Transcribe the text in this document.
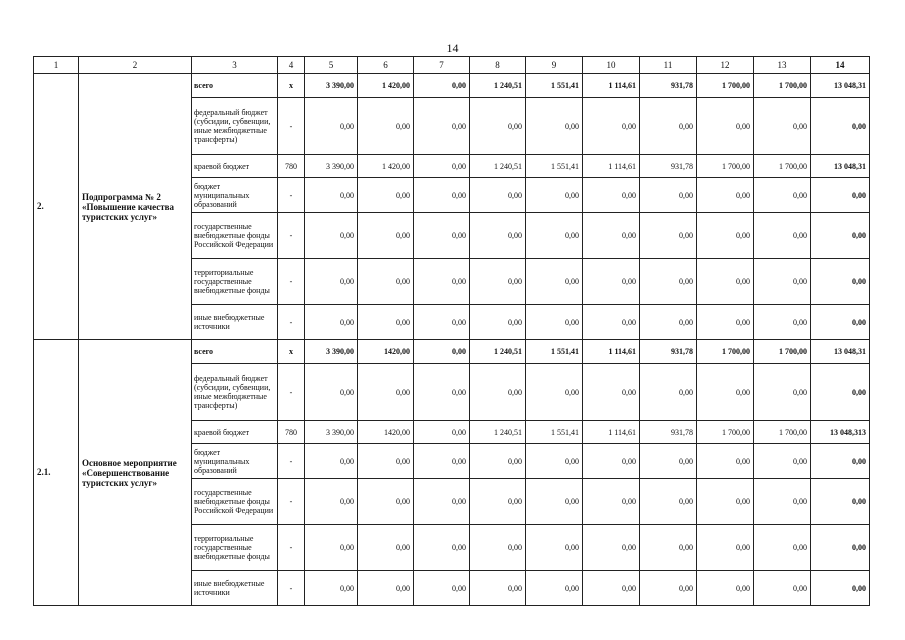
14
1	2	3	4	5	6	7	8	9	10	11	12	13	14
2.	Подпрограмма № 2 «Повышение качества туристских услуг»	всего	х	3 390,00	1 420,00	0,00	1 240,51	1 551,41	1 114,61	931,78	1 700,00	1 700,00	13 048,31
		федеральный бюджет (субсидии, субвенции, иные межбюджетные трансферты)	-	0,00	0,00	0,00	0,00	0,00	0,00	0,00	0,00	0,00	0,00
		краевой бюджет	780	3 390,00	1 420,00	0,00	1 240,51	1 551,41	1 114,61	931,78	1 700,00	1 700,00	13 048,31
		бюджет муниципальных образований	-	0,00	0,00	0,00	0,00	0,00	0,00	0,00	0,00	0,00	0,00
		государственные внебюджетные фонды Российской Федерации	-	0,00	0,00	0,00	0,00	0,00	0,00	0,00	0,00	0,00	0,00
		территориальные государственные внебюджетные фонды	-	0,00	0,00	0,00	0,00	0,00	0,00	0,00	0,00	0,00	0,00
		иные внебюджетные источники	-	0,00	0,00	0,00	0,00	0,00	0,00	0,00	0,00	0,00	0,00
2.1.	Основное мероприятие «Совершенствование туристских услуг»	всего	х	3 390,00	1420,00	0,00	1 240,51	1 551,41	1 114,61	931,78	1 700,00	1 700,00	13 048,31
		федеральный бюджет (субсидии, субвенции, иные межбюджетные трансферты)	-	0,00	0,00	0,00	0,00	0,00	0,00	0,00	0,00	0,00	0,00
		краевой бюджет	780	3 390,00	1420,00	0,00	1 240,51	1 551,41	1 114,61	931,78	1 700,00	1 700,00	13 048,313
		бюджет муниципальных образований	-	0,00	0,00	0,00	0,00	0,00	0,00	0,00	0,00	0,00	0,00
		государственные внебюджетные фонды Российской Федерации	-	0,00	0,00	0,00	0,00	0,00	0,00	0,00	0,00	0,00	0,00
		территориальные государственные внебюджетные фонды	-	0,00	0,00	0,00	0,00	0,00	0,00	0,00	0,00	0,00	0,00
		иные внебюджетные источники	-	0,00	0,00	0,00	0,00	0,00	0,00	0,00	0,00	0,00	0,00
